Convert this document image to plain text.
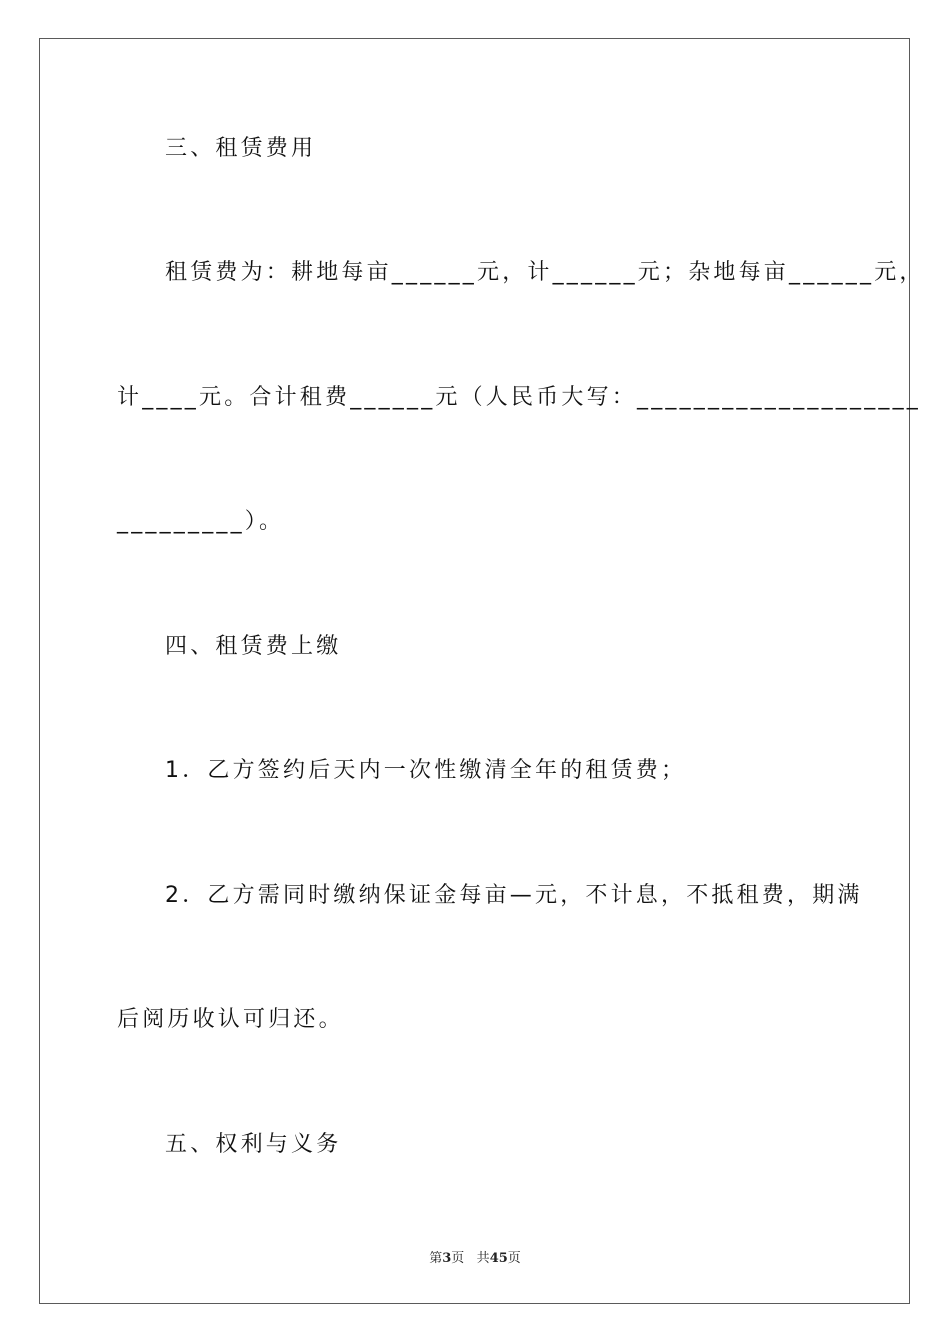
三、租赁费用
租赁费为：耕地每亩______元，计______元；杂地每亩______元，
计____元。合计租费______元（人民币大写：____________________
_________）。
四、租赁费上缴
1．乙方签约后天内一次性缴清全年的租赁费；
2．乙方需同时缴纳保证金每亩—元，不计息，不抵租费，期满
后阅历收认可归还。
五、权利与义务
第3页 共45页
